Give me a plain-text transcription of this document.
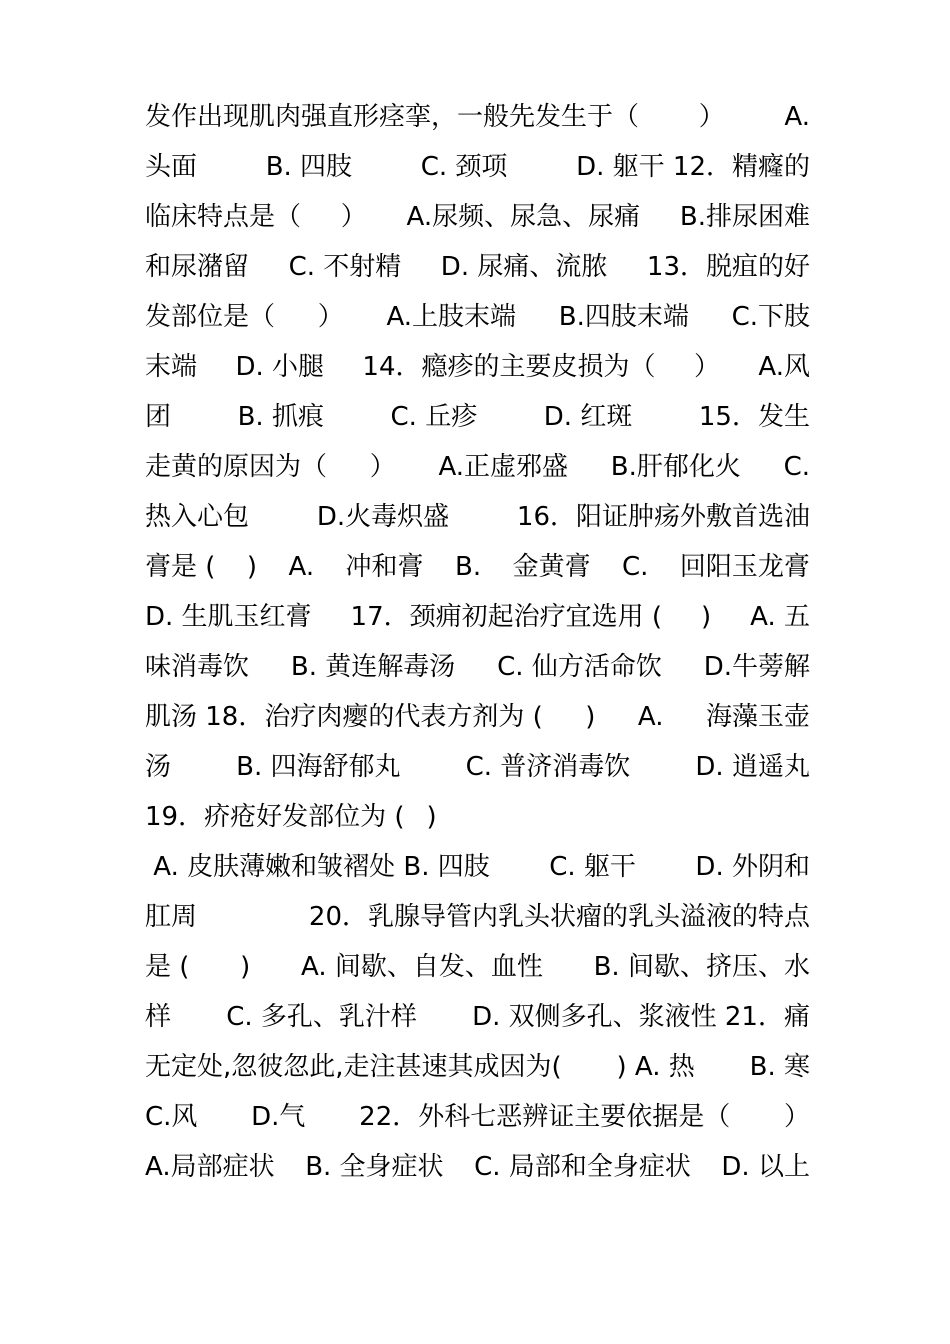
发作出现肌肉强直形痉挛，一般先发生于（ ） A.
头面	B. 四肢	C. 颈项	D. 躯干 12．精癃的
临床特点是（ ） A.尿频、尿急、尿痛 B.排尿困难
和尿潴留 C. 不射精 D. 尿痛、流脓 13．脱疽的好
发部位是（ ） A.上肢末端 B.四肢末端 C.下肢
末端 D. 小腿 14．瘾疹的主要皮损为（ ） A.风
团	B. 抓痕	C. 丘疹	D. 红斑	15．发生
走黄的原因为（ ） A.正虚邪盛 B.肝郁化火 C.
热入心包	D.火毒炽盛	16．阳证肿疡外敷首选油
膏是 ( ) A. 冲和膏 B. 金黄膏 C. 回阳玉龙膏
D. 生肌玉红膏 17．颈痈初起治疗宜选用 ( ) A. 五
味消毒饮 B. 黄连解毒汤 C. 仙方活命饮 D.牛蒡解
肌汤 18．治疗肉瘿的代表方剂为 ( ) A. 海藻玉壶
汤	B. 四海舒郁丸	C. 普济消毒饮	D. 逍遥丸
19．疥疮好发部位为 ( )
A. 皮肤薄嫩和皱褶处 B. 四肢 C. 躯干 D. 外阴和
肛周	20．乳腺导管内乳头状瘤的乳头溢液的特点
是 ( ) A. 间歇、自发、血性 B. 间歇、挤压、水
样 C. 多孔、乳汁样 D. 双侧多孔、浆液性 21．痛
无定处,忽彼忽此,走注甚速其成因为( ) A. 热 B. 寒
C.风 D.气 22．外科七恶辨证主要依据是（ ）
A.局部症状 B. 全身症状 C. 局部和全身症状 D. 以上
